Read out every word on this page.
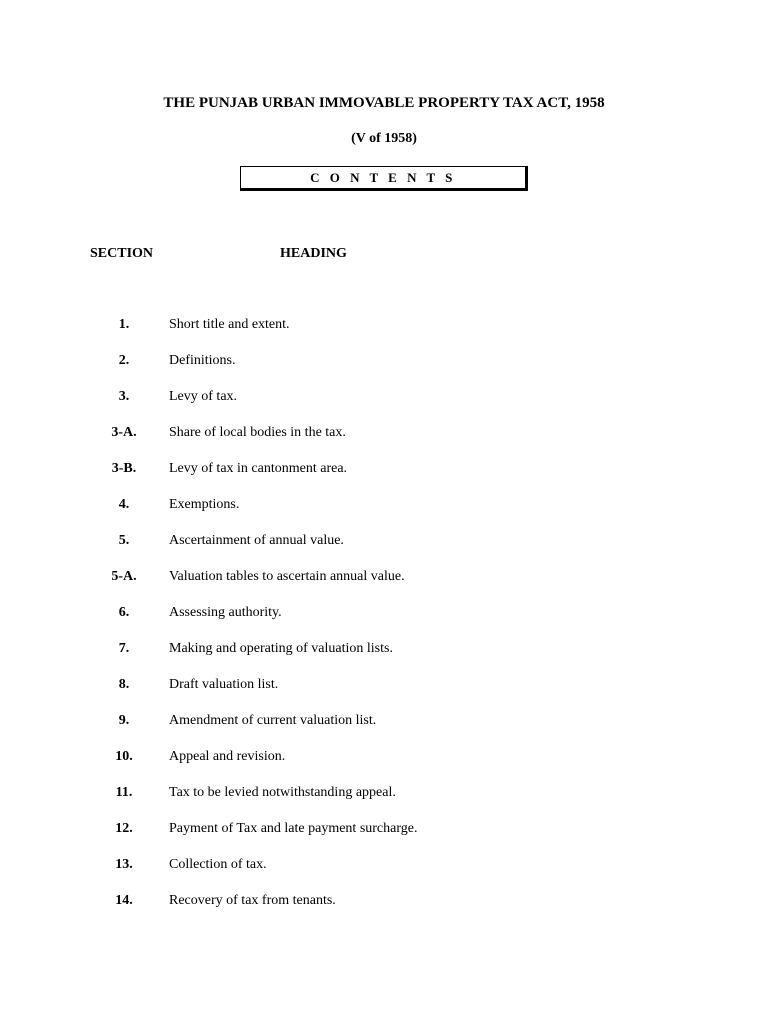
THE PUNJAB URBAN IMMOVABLE PROPERTY TAX ACT, 1958
(V of 1958)
C O N T E N T S
SECTION	HEADING
1.	Short title and extent.
2.	Definitions.
3.	Levy of tax.
3-A.	Share of local bodies in the tax.
3-B.	Levy of tax in cantonment area.
4.	Exemptions.
5.	Ascertainment of annual value.
5-A.	Valuation tables to ascertain annual value.
6.	Assessing authority.
7.	Making and operating of valuation lists.
8.	Draft valuation list.
9.	Amendment of current valuation list.
10.	Appeal and revision.
11.	Tax to be levied notwithstanding appeal.
12.	Payment of Tax and late payment surcharge.
13.	Collection of tax.
14.	Recovery of tax from tenants.
